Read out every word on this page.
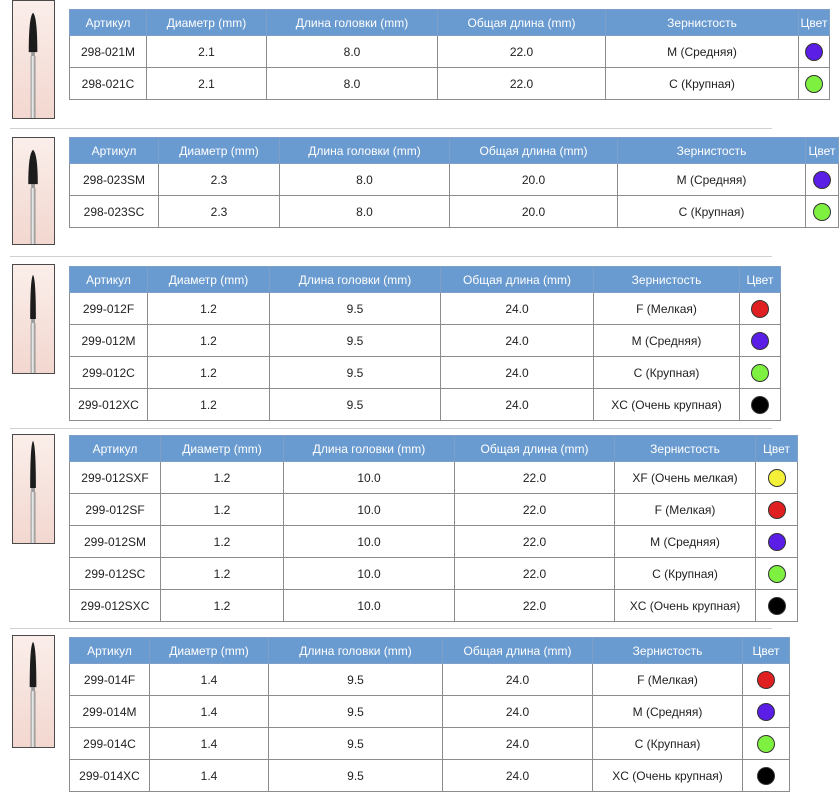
Артикул	Диаметр (mm)	Длина головки (mm)	Общая длина (mm)	Зернистость	Цвет
298-021M	2.1	8.0	22.0	M (Средняя)	
298-021C	2.1	8.0	22.0	C (Крупная)	
Артикул	Диаметр (mm)	Длина головки (mm)	Общая длина (mm)	Зернистость	Цвет
298-023SM	2.3	8.0	20.0	M (Средняя)	
298-023SC	2.3	8.0	20.0	C (Крупная)	
Артикул	Диаметр (mm)	Длина головки (mm)	Общая длина (mm)	Зернистость	Цвет
299-012F	1.2	9.5	24.0	F (Мелкая)	
299-012M	1.2	9.5	24.0	M (Средняя)	
299-012C	1.2	9.5	24.0	C (Крупная)	
299-012XC	1.2	9.5	24.0	XC (Очень крупная)	
Артикул	Диаметр (mm)	Длина головки (mm)	Общая длина (mm)	Зернистость	Цвет
299-012SXF	1.2	10.0	22.0	XF (Очень мелкая)	
299-012SF	1.2	10.0	22.0	F (Мелкая)	
299-012SM	1.2	10.0	22.0	M (Средняя)	
299-012SC	1.2	10.0	22.0	C (Крупная)	
299-012SXC	1.2	10.0	22.0	XC (Очень крупная)	
Артикул	Диаметр (mm)	Длина головки (mm)	Общая длина (mm)	Зернистость	Цвет
299-014F	1.4	9.5	24.0	F (Мелкая)	
299-014M	1.4	9.5	24.0	M (Средняя)	
299-014C	1.4	9.5	24.0	C (Крупная)	
299-014XC	1.4	9.5	24.0	XC (Очень крупная)	
